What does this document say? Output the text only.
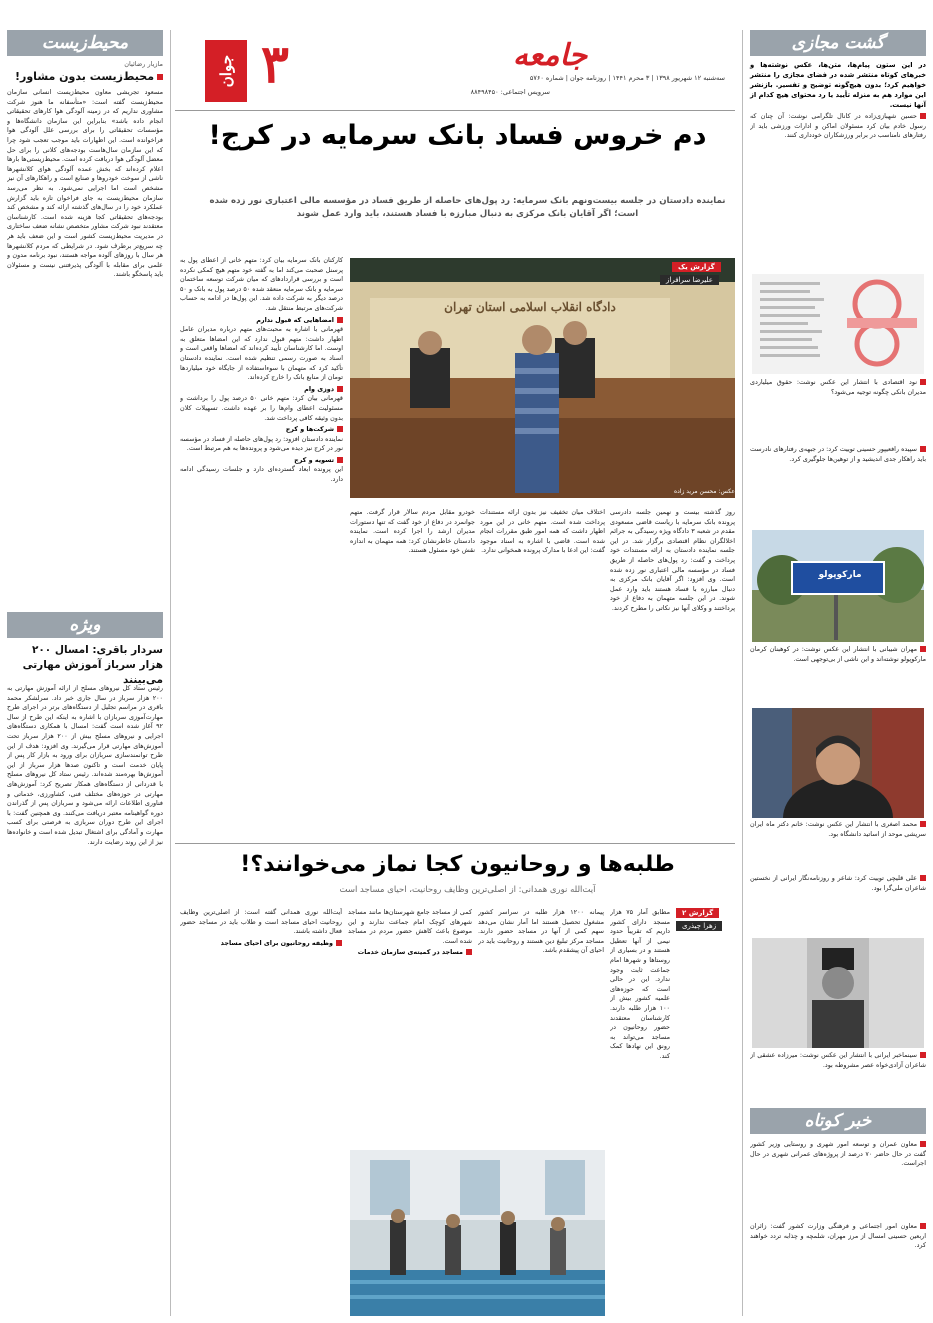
محیط‌زیست
مازیار رضائیان
محیط‌زیست بدون مشاور!
مسعود تجریشی معاون محیط‌زیست انسانی سازمان محیط‌زیست گفته است: «متأسفانه ما هنوز شرکت مشاوری نداریم که در زمینه آلودگی هوا کارهای تحقیقاتی انجام داده باشد» بنابراین این سازمان دانشگاه‌ها و مؤسسات تحقیقاتی را برای بررسی علل آلودگی هوا فراخوانده است. این اظهارات باید موجب تعجب شود چرا که این سازمان سال‌هاست بودجه‌های کلانی را برای حل معضل آلودگی هوا دریافت کرده است. محیط‌زیستی‌ها بارها اعلام کرده‌اند که بخش عمده آلودگی هوای کلانشهرها ناشی از سوخت خودروها و صنایع است و راهکارهای آن نیز مشخص است اما اجرایی نمی‌شود. به نظر می‌رسد سازمان محیط‌زیست به جای فراخوان تازه باید گزارش عملکرد خود را در سال‌های گذشته ارائه کند و مشخص کند بودجه‌های تحقیقاتی کجا هزینه شده است. کارشناسان معتقدند نبود شرکت مشاور متخصص نشانه ضعف ساختاری در مدیریت محیط‌زیست کشور است و این ضعف باید هر چه سریع‌تر برطرف شود. در شرایطی که مردم کلانشهرها هر سال با روزهای آلوده مواجه هستند، نبود برنامه مدون و علمی برای مقابله با آلودگی پذیرفتنی نیست و مسئولان باید پاسخگو باشند.
ویژه
سردار باقری: امسال ۲۰۰ هزار سرباز آموزش مهارتی می‌بینند
رئیس ستاد کل نیروهای مسلح از ارائه آموزش مهارتی به ۲۰۰ هزار سرباز در سال جاری خبر داد. سرلشکر محمد باقری در مراسم تجلیل از دستگاه‌های برتر در اجرای طرح مهارت‌آموزی سربازان با اشاره به اینکه این طرح از سال ۹۲ آغاز شده است گفت: امسال با همکاری دستگاه‌های اجرایی و نیروهای مسلح بیش از ۲۰۰ هزار سرباز تحت آموزش‌های مهارتی قرار می‌گیرند. وی افزود: هدف از این طرح توانمندسازی سربازان برای ورود به بازار کار پس از پایان خدمت است و تاکنون صدها هزار سرباز از این آموزش‌ها بهره‌مند شده‌اند. رئیس ستاد کل نیروهای مسلح با قدردانی از دستگاه‌های همکار تصریح کرد: آموزش‌های مهارتی در حوزه‌های مختلف فنی، کشاورزی، خدماتی و فناوری اطلاعات ارائه می‌شود و سربازان پس از گذراندن دوره گواهینامه معتبر دریافت می‌کنند. وی همچنین گفت: با اجرای این طرح دوران سربازی به فرصتی برای کسب مهارت و آمادگی برای اشتغال تبدیل شده است و خانواده‌ها نیز از این روند رضایت دارند.
جوان ۳	جامعه
سه‌شنبه ۱۲ شهریور ۱۳۹۸ | ۳ محرم ۱۴۴۱ | روزنامه جوان | شماره ۵۷۶۰
سرویس اجتماعی: ۸۸۴۹۸۴۵۰
دم خروس فساد بانک سرمایه در کرج!
نماینده دادستان در جلسه بیست‌ونهم بانک سرمایه: رد پول‌های حاصله از طریق فساد در مؤسسه مالی اعتباری نور زده شده است؛ اگر آقایان بانک مرکزی به دنبال مبارزه با فساد هستند، باید وارد عمل شوند
دادگاه انقلاب اسلامی استان تهران
گزارش یک
علیرضا سرافراز
عکس: محسن مرید زاده
کارکنان بانک سرمایه بیان کرد: متهم خانی از اعطای پول به پرسنل صحبت می‌کند اما به گفته خود متهم هیچ کمکی نکرده است و بررسی قراردادهای که میان شرکت توسعه ساختمان سرمایه و بانک سرمایه منعقد شده ۵۰ درصد پول به بانک و ۵۰ درصد دیگر به شرکت داده شد. این پول‌ها در ادامه به حساب شرکت‌های مرتبط منتقل شد.
امضاهایی که قبول ندارم
قهرمانی با اشاره به محبت‌های متهم درباره مدیران عامل اظهار داشت: متهم قبول ندارد که این امضاها متعلق به اوست. اما کارشناسان تأیید کرده‌اند که امضاها واقعی است و اسناد به صورت رسمی تنظیم شده است. نماینده دادستان تأکید کرد که متهمان با سوءاستفاده از جایگاه خود میلیاردها تومان از منابع بانک را خارج کرده‌اند.
دوزی وام
قهرمانی بیان کرد: متهم خانی ۵۰ درصد پول را برداشت و مسئولیت اعطای وام‌ها را بر عهده داشت. تسهیلات کلان بدون وثیقه کافی پرداخت شد.
شرکت‌ها و کرج
نماینده دادستان افزود: رد پول‌های حاصله از فساد در مؤسسه نور در کرج نیز دیده می‌شود و پرونده‌ها به هم مرتبط است.
تسویه و کرج
این پرونده ابعاد گسترده‌ای دارد و جلسات رسیدگی ادامه دارد.
روز گذشته بیست و نهمین جلسه دادرسی پرونده بانک سرمایه با ریاست قاضی مسعودی مقدم در شعبه ۳ دادگاه ویژه رسیدگی به جرائم اخلالگران نظام اقتصادی برگزار شد. در این جلسه نماینده دادستان به ارائه مستندات خود پرداخت و گفت: رد پول‌های حاصله از طریق فساد در مؤسسه مالی اعتباری نور زده شده است. وی افزود: اگر آقایان بانک مرکزی به دنبال مبارزه با فساد هستند باید وارد عمل شوند. در این جلسه متهمان به دفاع از خود پرداختند و وکلای آنها نیز نکاتی را مطرح کردند.
اختلاف میان تخفیف نیز بدون ارائه مستندات پرداخت شده است. متهم خانی در این مورد اظهار داشت که همه امور طبق مقررات انجام شده است. قاضی با اشاره به اسناد موجود گفت: این ادعا با مدارک پرونده همخوانی ندارد.
خودرو مقابل مردم سالار قرار گرفت. متهم جوانمرد در دفاع از خود گفت که تنها دستورات مدیران ارشد را اجرا کرده است. نماینده دادستان خاطرنشان کرد: همه متهمان به اندازه نقش خود مسئول هستند.
طلبه‌ها و روحانیون کجا نماز می‌خوانند؟!
آیت‌الله نوری همدانی: از اصلی‌ترین وظایف روحانیت، احیای مساجد است
گزارش ۲
زهرا چیذری
مطابق آمار ۷۵ هزار مسجد دارای کشور داریم که تقریباً حدود نیمی از آنها تعطیل هستند و در بسیاری از روستاها و شهرها امام جماعت ثابت وجود ندارد. این در حالی است که حوزه‌های علمیه کشور بیش از ۱۰۰ هزار طلبه دارند. کارشناسان معتقدند حضور روحانیون در مساجد می‌تواند به رونق این نهادها کمک کند.
پیمانه ۱۲۰۰ هزار طلبه در سراسر کشور مشغول تحصیل هستند اما آمار نشان می‌دهد سهم کمی از آنها در مساجد حضور دارند. مساجد مرکز تبلیغ دین هستند و روحانیت باید در احیای آن پیشقدم باشد.
کمی از مساجد جامع شهرستان‌ها مانند مساجد شهرهای کوچک امام جماعت ندارند و این موضوع باعث کاهش حضور مردم در مساجد شده است.
مساجد در کمیته‌ی سازمان خدمات
آیت‌الله نوری همدانی گفته است: از اصلی‌ترین وظایف روحانیت احیای مساجد است و طلاب باید در مساجد حضور فعال داشته باشند.
وظیفه روحانیون برای احیای مساجد
گشت مجازی
در این ستون پیام‌ها، متن‌ها، عکس نوشته‌ها و خبرهای کوتاه منتشر شده در فضای مجازی را منتشر خواهیم کرد؛ بدون هیچ‌گونه توضیح و تفسیر. بازنشر این موارد هم به منزله تأیید یا رد محتوای هیچ کدام از آنها نیست.
حسین شهبازی‌زاده در کانال تلگرامی نوشت: آن چنان که رسول خادم بیان کرد مسئولان اماکن و ادارات ورزشی باید از رفتارهای نامناسب در برابر ورزشکاران خودداری کنند.
نود اقتصادی با انتشار این عکس نوشت: حقوق میلیاردی مدیران بانکی چگونه توجیه می‌شود؟
سپیده رافعیپور حسینی توییت کرد: در جبهه‌ی رفتارهای نادرست باید راهکار جدی اندیشید و از توهین‌ها جلوگیری کرد.
مارکوپولو
مهران شیبانی با انتشار این عکس نوشت: در کوهبنان کرمان مارکوپولو نوشته‌اند و این ناشی از بی‌توجهی است.
محمد اصغری با انتشار این عکس نوشت: خانم دکتر ماه ایران سریشی موحد از اساتید دانشگاه بود.
علی قلیچی توییت کرد: شاعر و روزنامه‌نگار ایرانی از نخستین شاعران ملی‌گرا بود.
سینماخبر ایرانی با انتشار این عکس نوشت: میرزاده عشقی از شاعران آزادی‌خواه عصر مشروطه بود.
خبر کوتاه
معاون عمران و توسعه امور شهری و روستایی وزیر کشور گفت در حال حاضر ۷۰ درصد از پروژه‌های عمرانی شهری در حال اجراست.
معاون امور اجتماعی و فرهنگی وزارت کشور گفت: زائران اربعین حسینی امسال از مرز مهران، شلمچه و چذابه تردد خواهند کرد.
